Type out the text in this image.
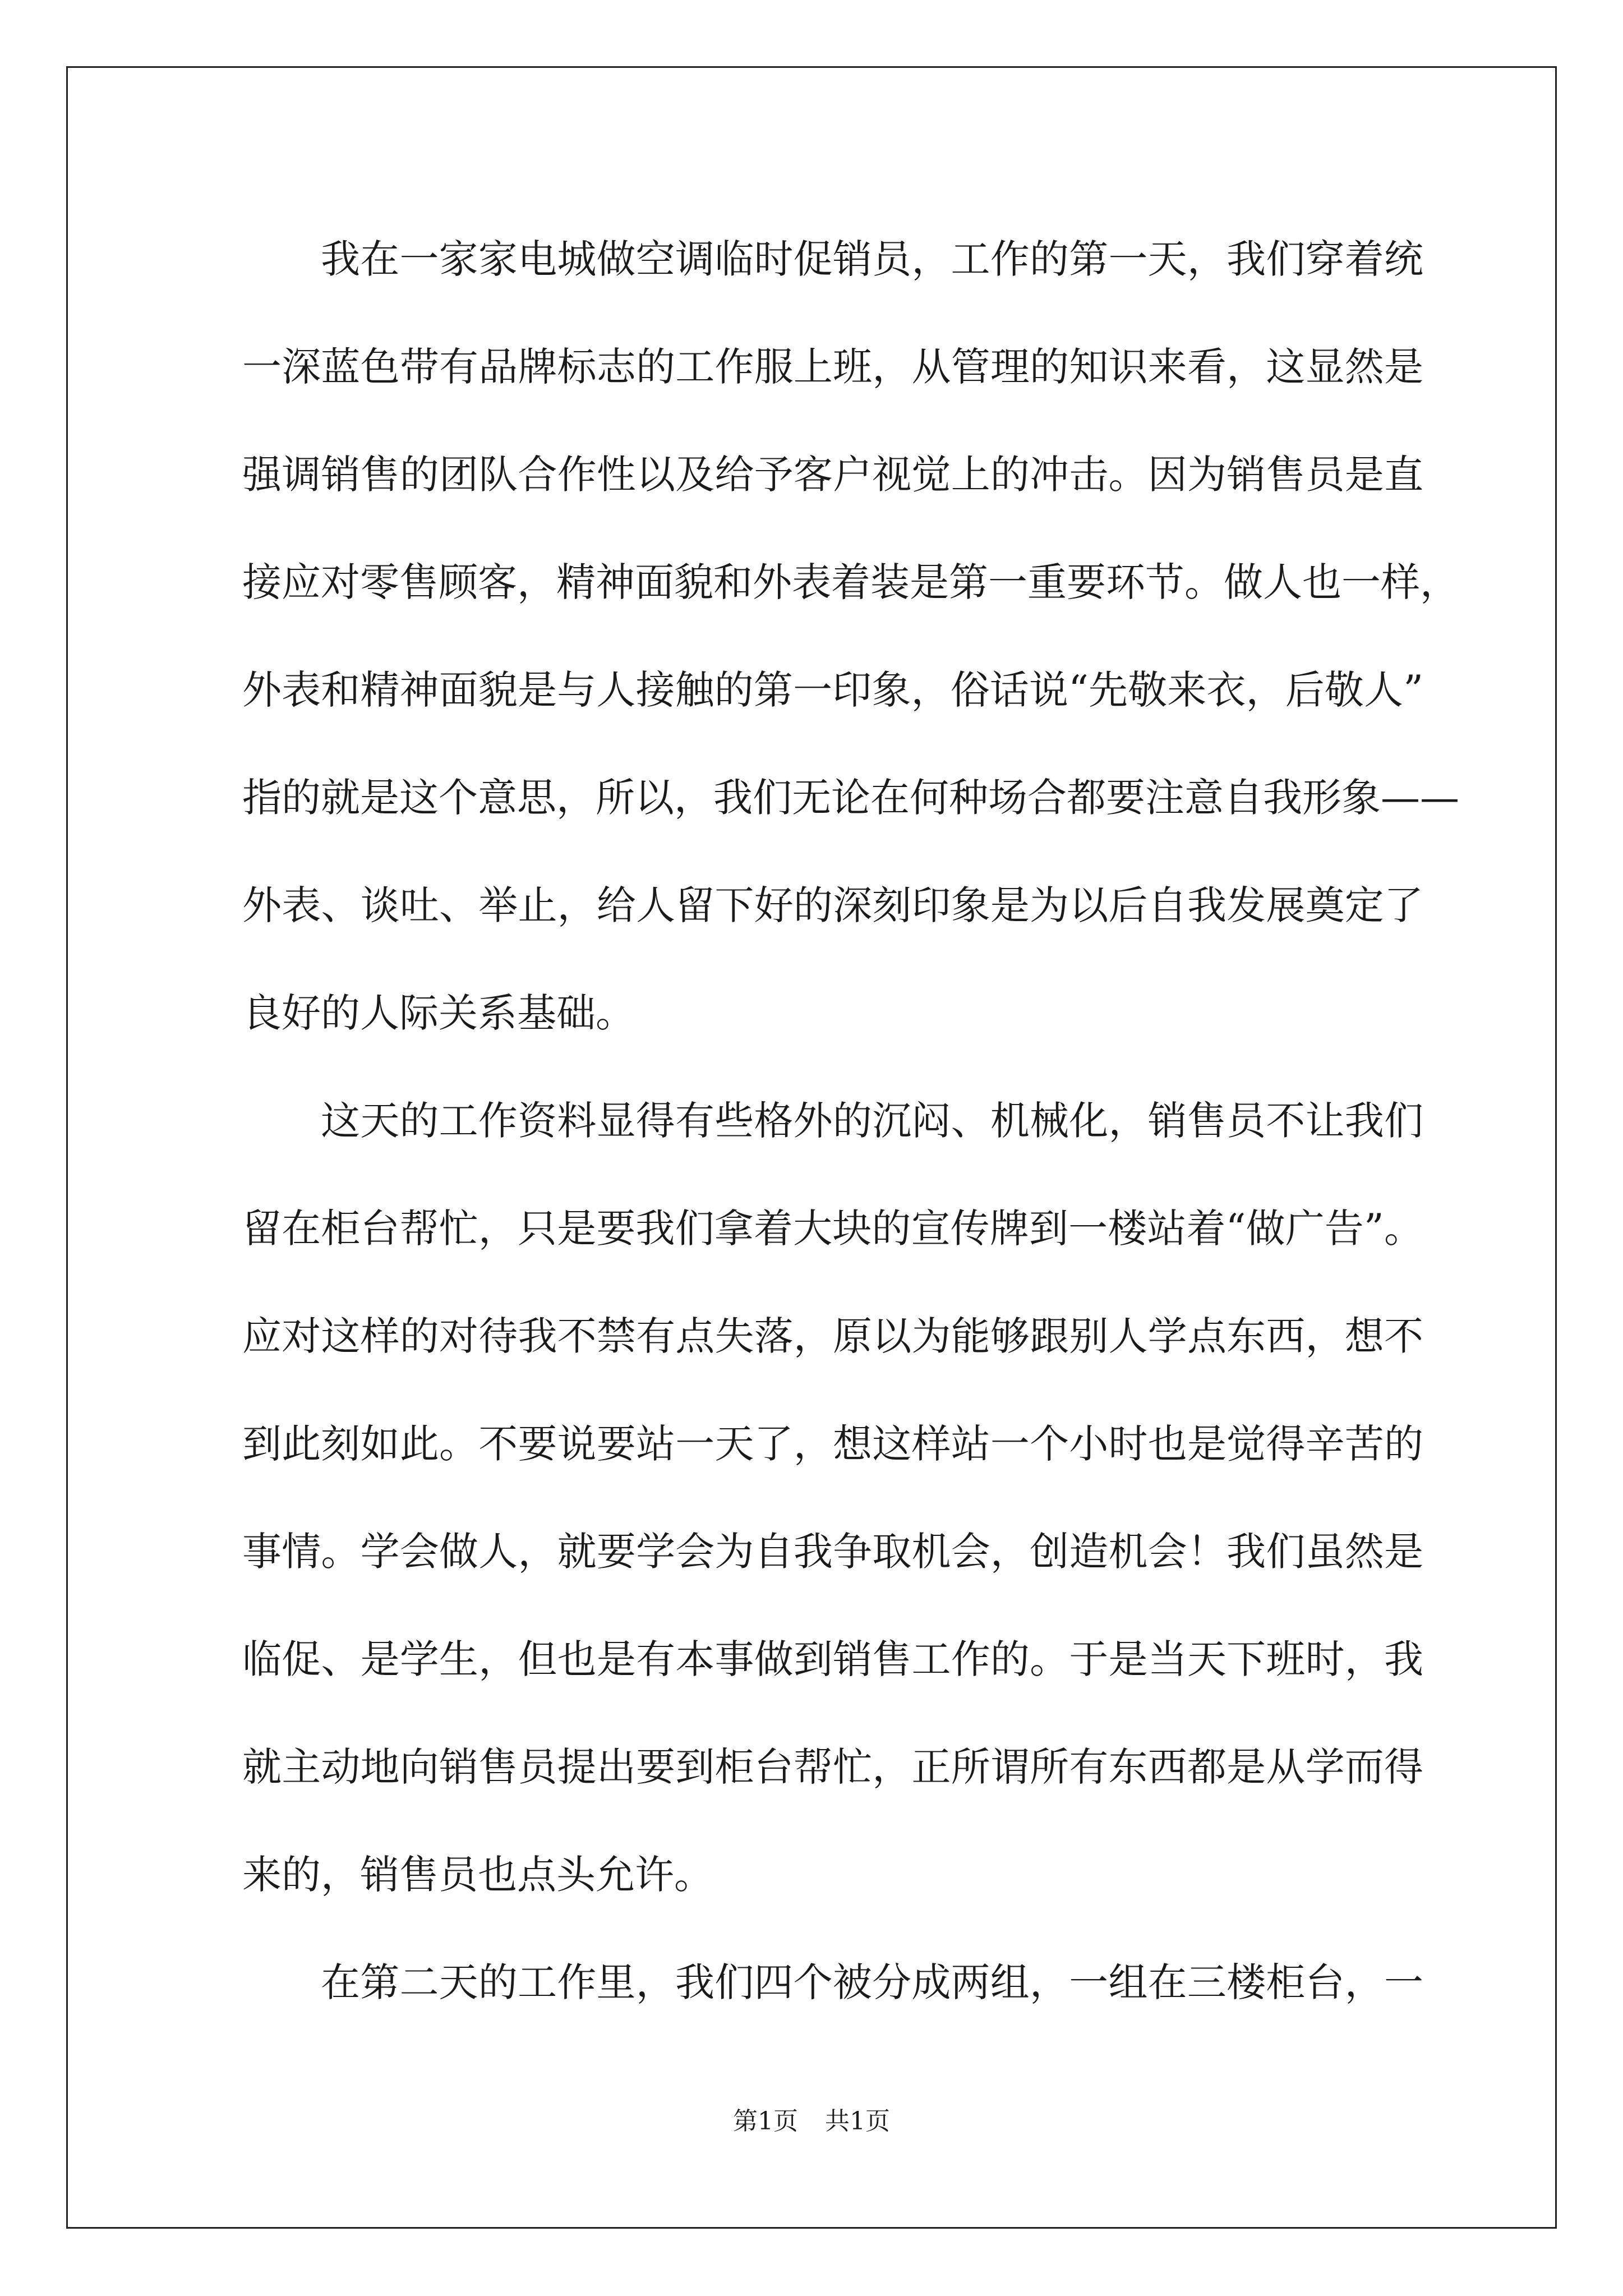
我在一家家电城做空调临时促销员，工作的第一天，我们穿着统
一深蓝色带有品牌标志的工作服上班，从管理的知识来看，这显然是
强调销售的团队合作性以及给予客户视觉上的冲击。因为销售员是直
接应对零售顾客，精神面貌和外表着装是第一重要环节。做人也一样，
外表和精神面貌是与人接触的第一印象，俗话说“先敬来衣，后敬人”
指的就是这个意思，所以，我们无论在何种场合都要注意自我形象——
外表、谈吐、举止，给人留下好的深刻印象是为以后自我发展奠定了
良好的人际关系基础。
这天的工作资料显得有些格外的沉闷、机械化，销售员不让我们
留在柜台帮忙，只是要我们拿着大块的宣传牌到一楼站着“做广告”。
应对这样的对待我不禁有点失落，原以为能够跟别人学点东西，想不
到此刻如此。不要说要站一天了，想这样站一个小时也是觉得辛苦的
事情。学会做人，就要学会为自我争取机会，创造机会！我们虽然是
临促、是学生，但也是有本事做到销售工作的。于是当天下班时，我
就主动地向销售员提出要到柜台帮忙，正所谓所有东西都是从学而得
来的，销售员也点头允许。
在第二天的工作里，我们四个被分成两组，一组在三楼柜台，一
第1页 共1页
